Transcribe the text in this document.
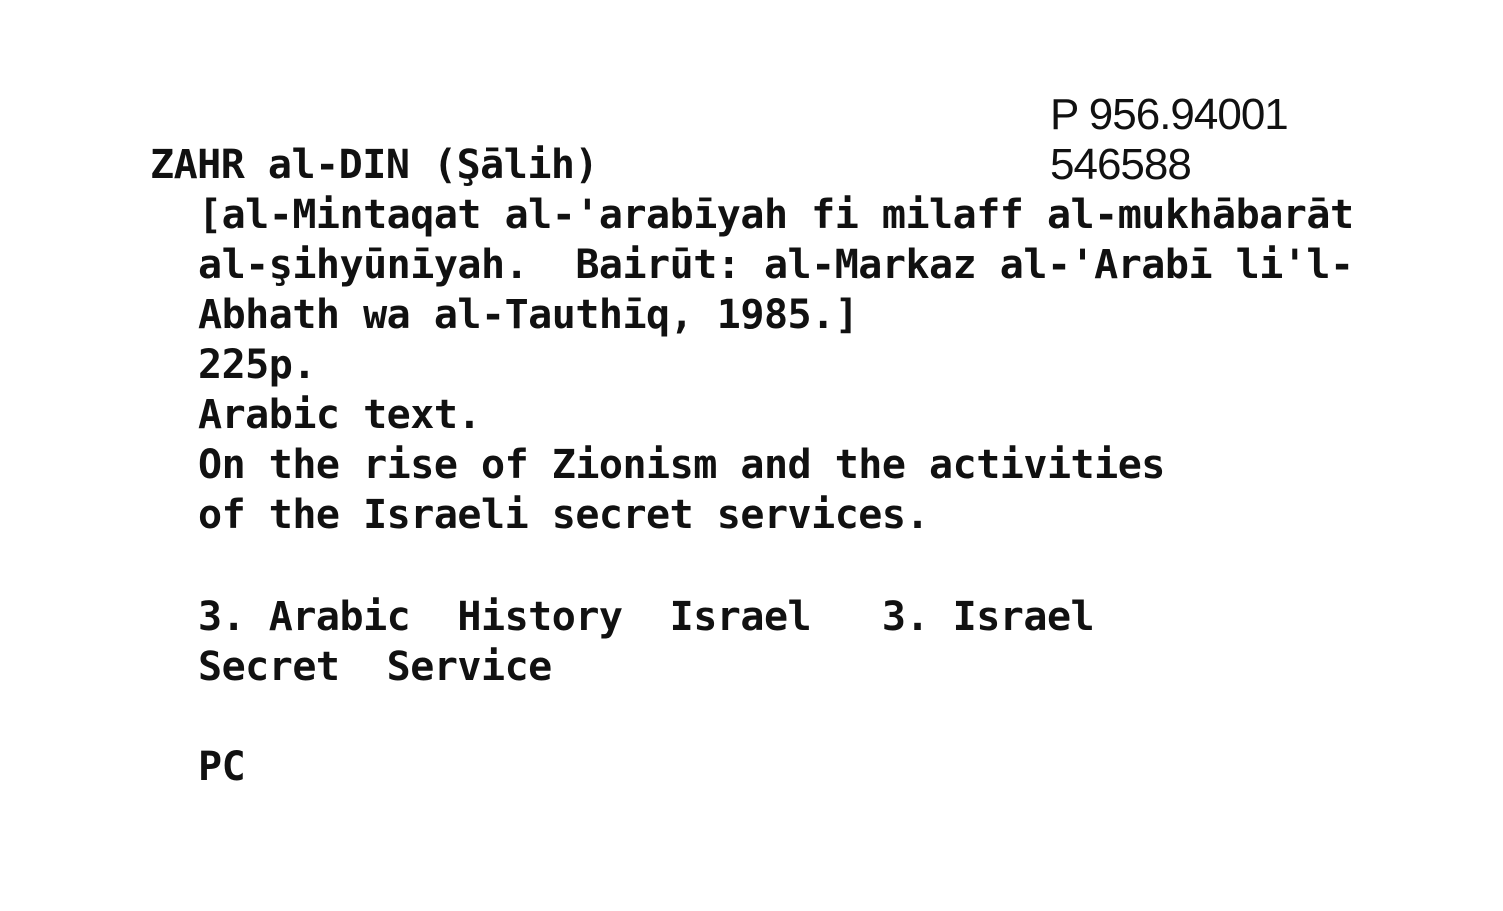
P 956.94001
ZAHR al-DIN (Şālih)	546588
[al-Mintaqat al-'arabīyah fi milaff al-mukhābarāt
al-şihyūnīyah.  Bairūt: al-Markaz al-'Arabī li'l-
Abhath wa al-Tauthīq, 1985.]
225p.
Arabic text.
On the rise of Zionism and the activities
of the Israeli secret services.
3. Arabic  History  Israel   3. Israel
Secret  Service
PC
